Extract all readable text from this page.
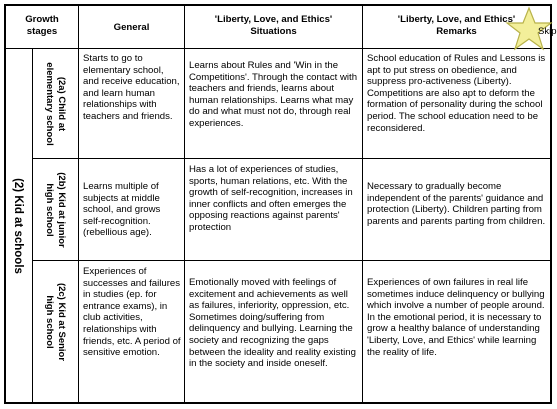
Growth
stages	General
'Liberty, Love, and Ethics'
Situations
'Liberty, Love, and Ethics'
Remarks
(2) Kid at schools
(2a) Child at
elementary school
Starts to go to elementary school, and receive education, and learn human relationships with teachers and friends.
Learns about Rules and 'Win in the Competitions'. Through the contact with teachers and friends, learns about human relationships. Learns what may do and what must not do, through real experiences.
School education of Rules and Lessons is apt to put stress on obedience, and suppress pro-activeness (Liberty). Competitions are also apt to deform the formation of personality during the school period. The school education need to be reconsidered.
(2b) Kid at junior
high school
Learns multiple of subjects at middle school, and grows self-recognition. (rebellious age).
Has a lot of experiences of studies, sports, human relations, etc. With the growth of self-recognition, increases in inner conflicts and often emerges the opposing reactions against parents' protection
Necessary to gradually become independent of the parents' guidance and protection (Liberty). Children parting from parents and parents parting from children.
(2c) Kid at Senior
high school
Experiences of successes and failures in studies (ep. for entrance exams), in club activities, relationships with friends, etc. A period of sensitive emotion.
Emotionally moved with feelings of excitement and achievements as well as failures, inferiority, oppression, etc. Sometimes doing/suffering from delinquency and bullying. Learning the society and recognizing the gaps between the ideality and reality existing in the society and inside oneself.
Experiences of own failures in real life sometimes induce delinquency or bullying which involve a number of people around. In the emotional period, it is necessary to grow a healthy balance of understanding 'Liberty, Love, and Ethics' while learning the reality of life.
Skip
